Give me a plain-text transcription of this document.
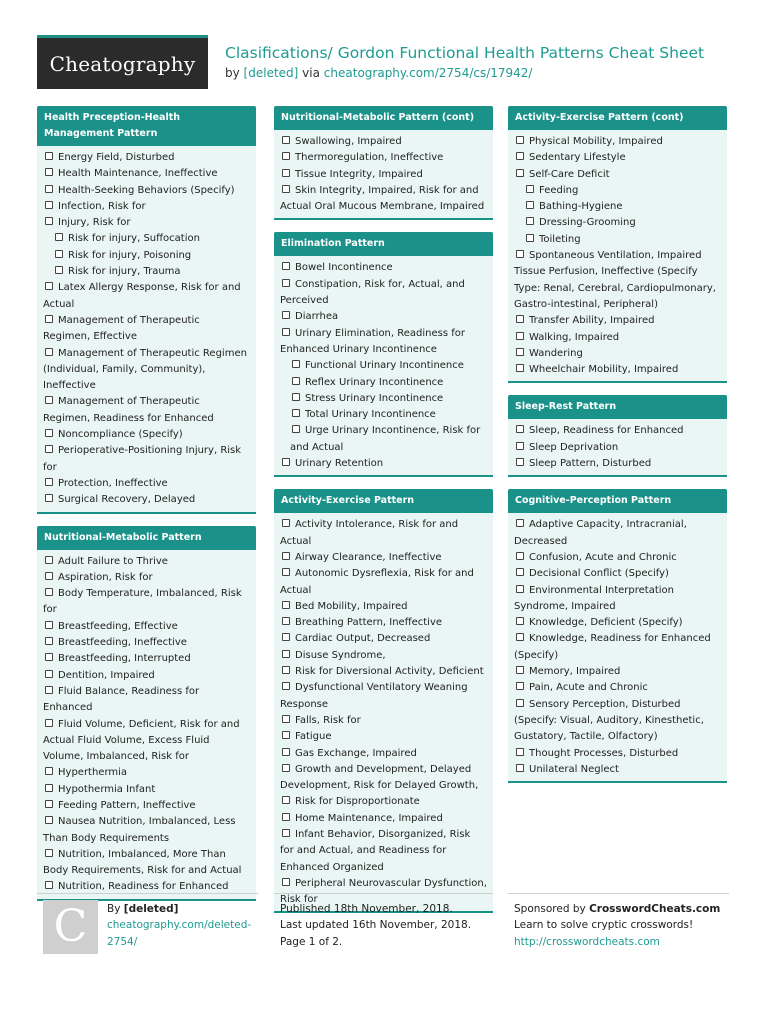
Cheatography Clasifications/ Gordon Functional Health Patterns Cheat Sheet
by [deleted] via cheatography.com/2754/cs/17942/
Health Preception-Health Management Pattern
Energy Field, Disturbed
Health Maintenance, Ineffective
Health-Seeking Behaviors (Specify)
Infection, Risk for
Injury, Risk for
Risk for injury, Suffocation
Risk for injury, Poisoning
Risk for injury, Trauma
Latex Allergy Response, Risk for and Actual
Management of Therapeutic Regimen, Effective
Management of Therapeutic Regimen (Individual, Family, Community), Ineffective
Management of Therapeutic Regimen, Readiness for Enhanced
Noncompliance (Specify)
Perioperative-Positioning Injury, Risk for
Protection, Ineffective
Surgical Recovery, Delayed
Nutritional-Metabolic Pattern
Adult Failure to Thrive
Aspiration, Risk for
Body Temperature, Imbalanced, Risk for
Breastfeeding, Effective
Breastfeeding, Ineffective
Breastfeeding, Interrupted
Dentition, Impaired
Fluid Balance, Readiness for Enhanced
Fluid Volume, Deficient, Risk for and Actual Fluid Volume, Excess Fluid Volume, Imbalanced, Risk for
Hyperthermia
Hypothermia Infant
Feeding Pattern, Ineffective
Nausea Nutrition, Imbalanced, Less Than Body Requirements
Nutrition, Imbalanced, More Than Body Requirements, Risk for and Actual
Nutrition, Readiness for Enhanced
Nutritional-Metabolic Pattern (cont)
Swallowing, Impaired
Thermoregulation, Ineffective
Tissue Integrity, Impaired
Skin Integrity, Impaired, Risk for and Actual Oral Mucous Membrane, Impaired
Elimination Pattern
Bowel Incontinence
Constipation, Risk for, Actual, and Perceived
Diarrhea
Urinary Elimination, Readiness for Enhanced Urinary Incontinence
Functional Urinary Incontinence
Reflex Urinary Incontinence
Stress Urinary Incontinence
Total Urinary Incontinence
Urge Urinary Incontinence, Risk for and Actual
Urinary Retention
Activity-Exercise Pattern
Activity Intolerance, Risk for and Actual
Airway Clearance, Ineffective
Autonomic Dysreflexia, Risk for and Actual
Bed Mobility, Impaired
Breathing Pattern, Ineffective
Cardiac Output, Decreased
Disuse Syndrome,
Risk for Diversional Activity, Deficient
Dysfunctional Ventilatory Weaning Response
Falls, Risk for
Fatigue
Gas Exchange, Impaired
Growth and Development, Delayed Development, Risk for Delayed Growth,
Risk for Disproportionate
Home Maintenance, Impaired
Infant Behavior, Disorganized, Risk for and Actual, and Readiness for Enhanced Organized
Peripheral Neurovascular Dysfunction, Risk for
Activity-Exercise Pattern (cont)
Physical Mobility, Impaired
Sedentary Lifestyle
Self-Care Deficit
Feeding
Bathing-Hygiene
Dressing-Grooming
Toileting
Spontaneous Ventilation, Impaired Tissue Perfusion, Ineffective (Specify Type: Renal, Cerebral, Cardiopulmonary, Gastro-intestinal, Peripheral)
Transfer Ability, Impaired
Walking, Impaired
Wandering
Wheelchair Mobility, Impaired
Sleep-Rest Pattern
Sleep, Readiness for Enhanced
Sleep Deprivation
Sleep Pattern, Disturbed
Cognitive-Perception Pattern
Adaptive Capacity, Intracranial, Decreased
Confusion, Acute and Chronic
Decisional Conflict (Specify)
Environmental Interpretation Syndrome, Impaired
Knowledge, Deficient (Specify)
Knowledge, Readiness for Enhanced (Specify)
Memory, Impaired
Pain, Acute and Chronic
Sensory Perception, Disturbed (Specify: Visual, Auditory, Kinesthetic, Gustatory, Tactile, Olfactory)
Thought Processes, Disturbed
Unilateral Neglect
C By [deleted]
cheatography.com/deleted-2754/
Published 18th November, 2018.
Last updated 16th November, 2018.
Page 1 of 2.
Sponsored by CrosswordCheats.com
Learn to solve cryptic crosswords!
http://crosswordcheats.com
